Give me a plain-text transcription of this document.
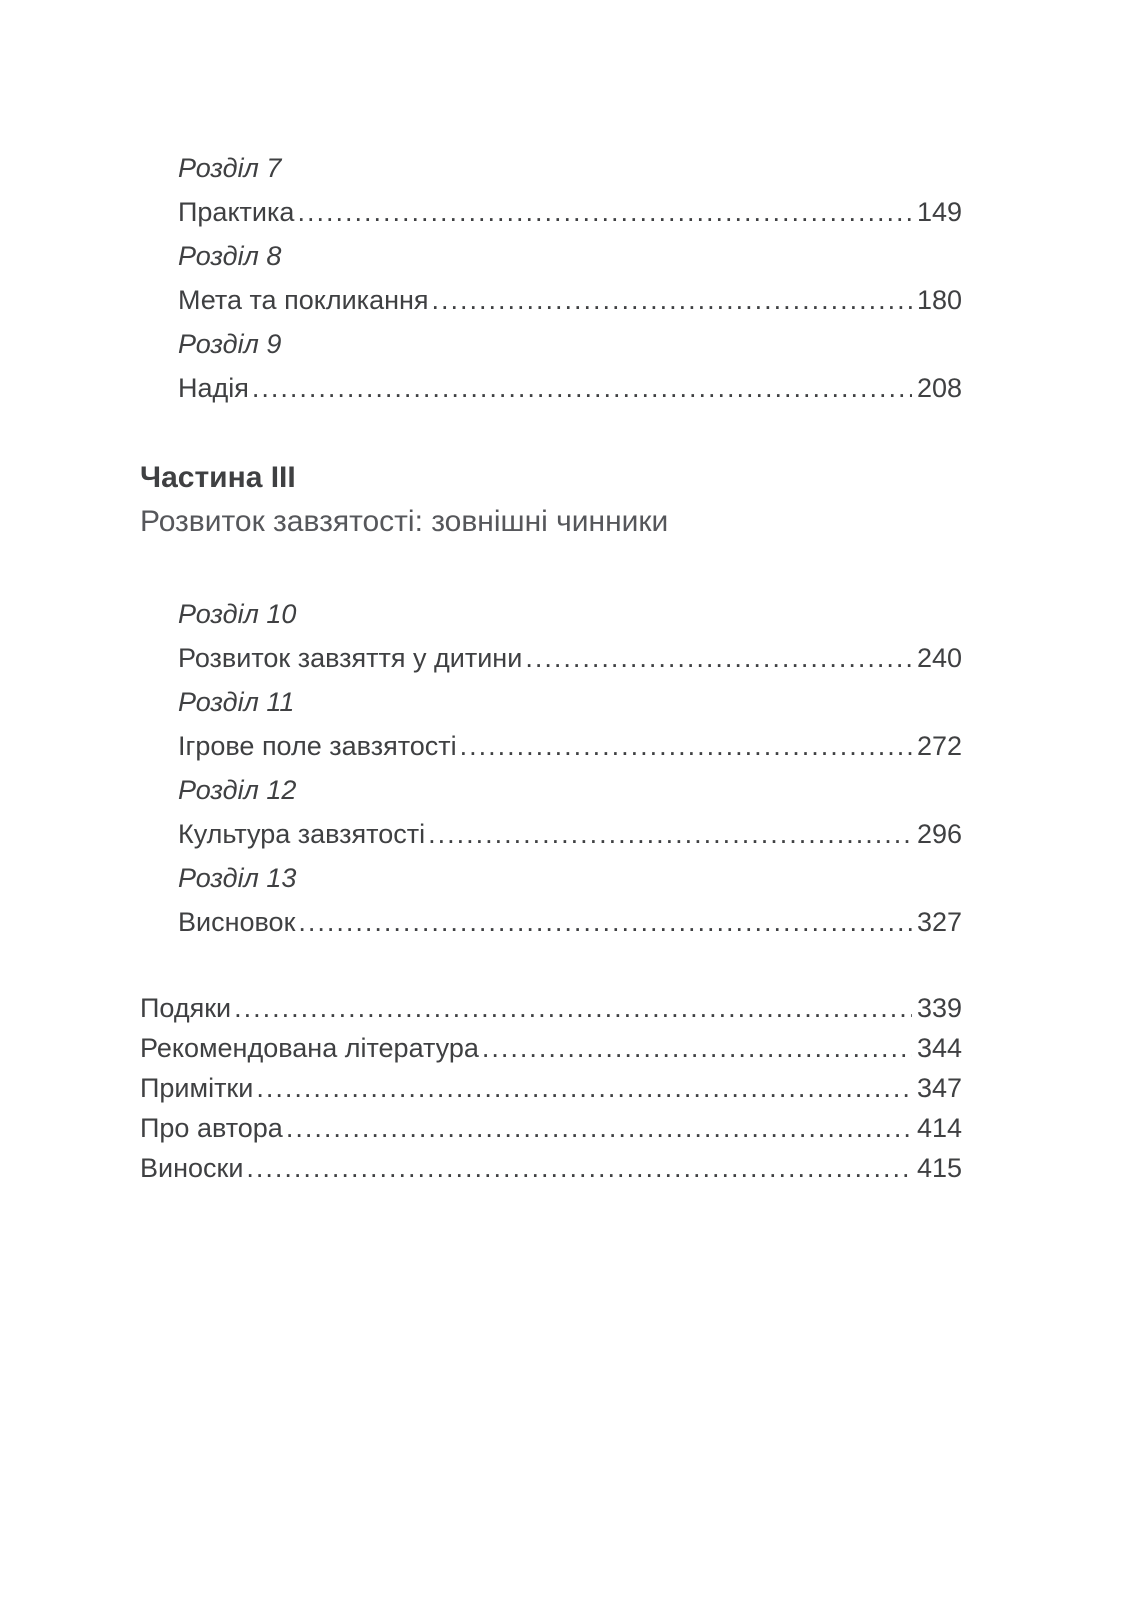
Розділ 7
Практика .....	149
Розділ 8
Мета та покликання .....	180
Розділ 9
Надія .....	208
Частина III
Розвиток завзятості: зовнішні чинники
Розділ 10
Розвиток завзяття у дитини .....	240
Розділ 11
Ігрове поле завзятості .....	272
Розділ 12
Культура завзятості .....	296
Розділ 13
Висновок .....	327
Подяки .....	339
Рекомендована література .....	344
Примітки .....	347
Про автора .....	414
Виноски .....	415
